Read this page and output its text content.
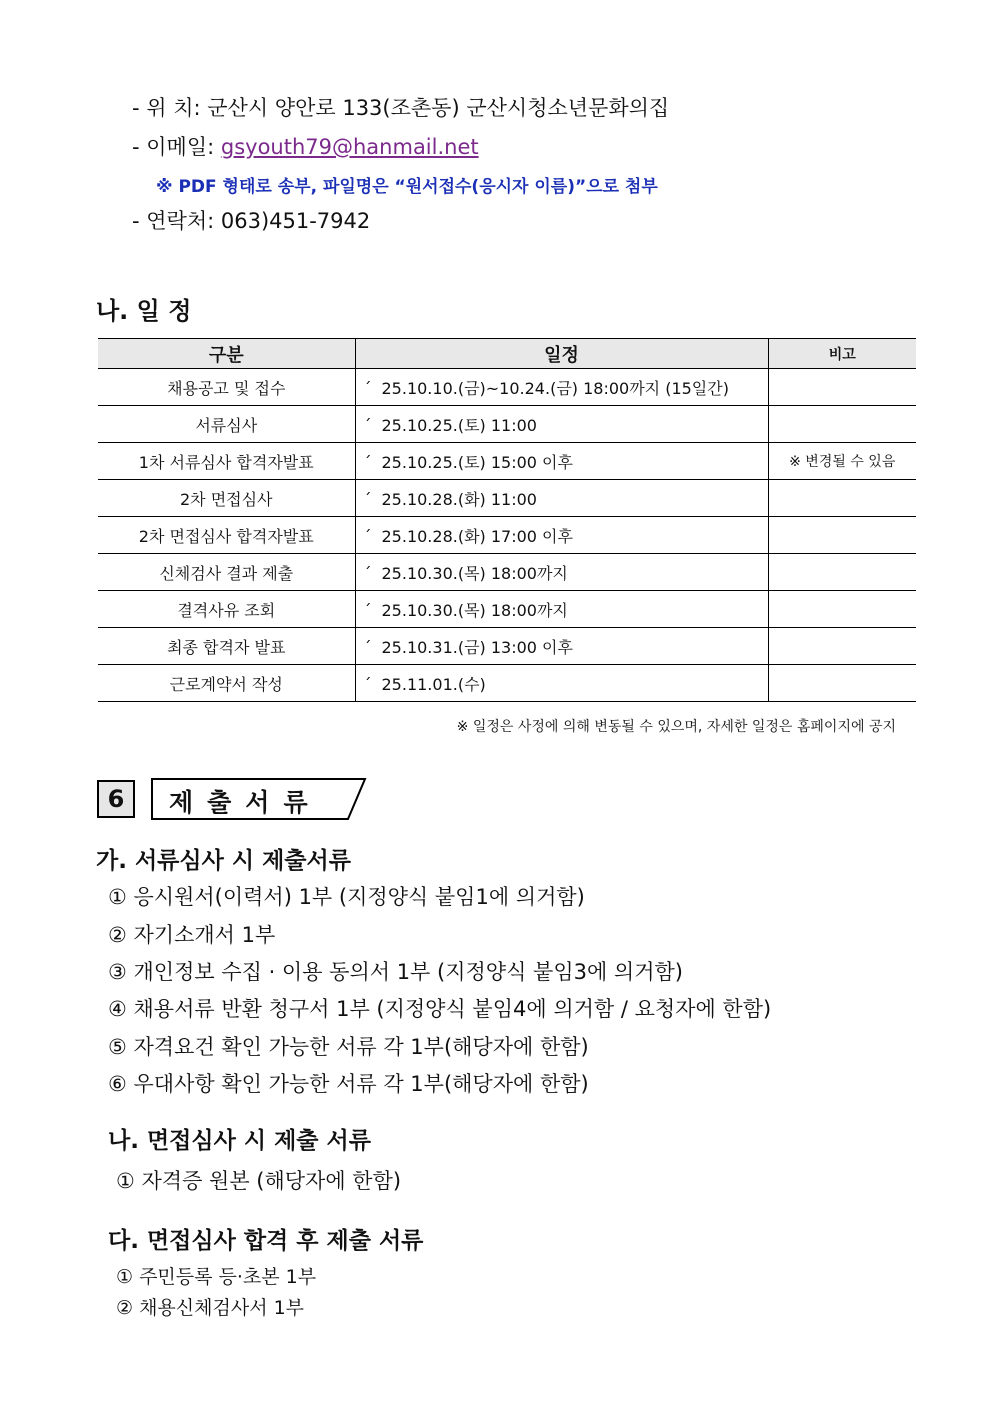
- 위 치: 군산시 양안로 133(조촌동) 군산시청소년문화의집
- 이메일: gsyouth79@hanmail.net
※ PDF 형태로 송부, 파일명은 “원서접수(응시자 이름)”으로 첨부
- 연락처: 063)451-7942
나. 일 정
구분	일정	비고
채용공고 및 접수	´ 25.10.10.(금)~10.24.(금) 18:00까지 (15일간)	
서류심사	´ 25.10.25.(토) 11:00	
1차 서류심사 합격자발표	´ 25.10.25.(토) 15:00 이후	※ 변경될 수 있음
2차 면접심사	´ 25.10.28.(화) 11:00	
2차 면접심사 합격자발표	´ 25.10.28.(화) 17:00 이후	
신체검사 결과 제출	´ 25.10.30.(목) 18:00까지	
결격사유 조회	´ 25.10.30.(목) 18:00까지	
최종 합격자 발표	´ 25.10.31.(금) 13:00 이후	
근로계약서 작성	´ 25.11.01.(수)	
※ 일정은 사정에 의해 변동될 수 있으며, 자세한 일정은 홈페이지에 공지
6	제출서류
가. 서류심사 시 제출서류
① 응시원서(이력서) 1부 (지정양식 붙임1에 의거함)
② 자기소개서 1부
③ 개인정보 수집 · 이용 동의서 1부 (지정양식 붙임3에 의거함)
④ 채용서류 반환 청구서 1부 (지정양식 붙임4에 의거함 / 요청자에 한함)
⑤ 자격요건 확인 가능한 서류 각 1부(해당자에 한함)
⑥ 우대사항 확인 가능한 서류 각 1부(해당자에 한함)
나. 면접심사 시 제출 서류
① 자격증 원본 (해당자에 한함)
다. 면접심사 합격 후 제출 서류
① 주민등록 등·초본 1부
② 채용신체검사서 1부
